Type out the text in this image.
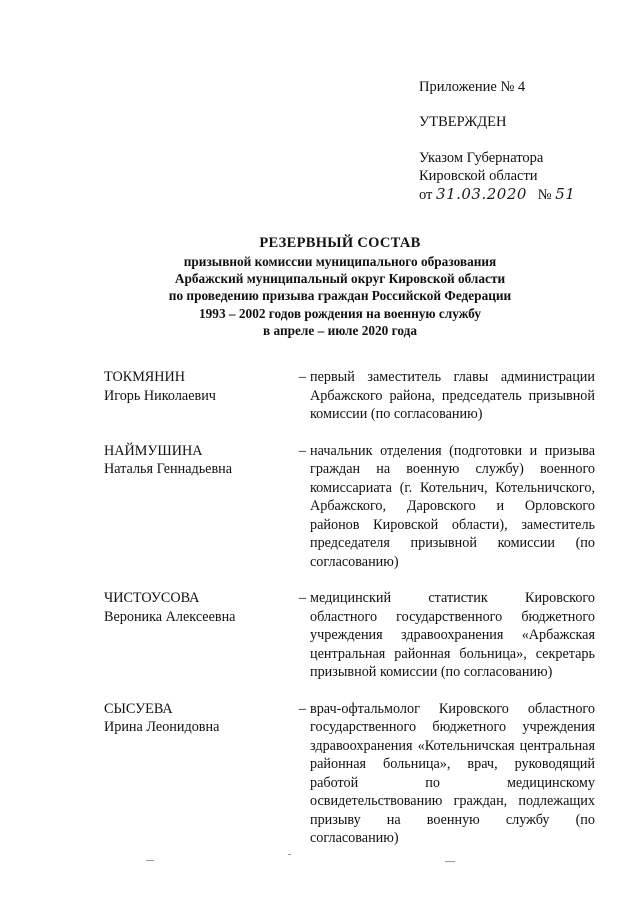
Приложение № 4
УТВЕРЖДЕН
Указом Губернатора
Кировской области
от 31.03.2020 № 51
РЕЗЕРВНЫЙ СОСТАВ
призывной комиссии муниципального образования
Арбажский муниципальный округ Кировской области
по проведению призыва граждан Российской Федерации
1993 – 2002 годов рождения на военную службу
в апреле – июле 2020 года
ТОКМЯНИН
Игорь Николаевич
– первый заместитель главы администрации Арбажского района, председатель призывной комиссии (по согласованию)
НАЙМУШИНА
Наталья Геннадьевна
– начальник отделения (подготовки и призыва граждан на военную службу) военного комиссариата (г. Котельнич, Котельничского, Арбажского, Даровского и Орловского районов Кировской области), заместитель председателя призывной комиссии (по согласованию)
ЧИСТОУСОВА
Вероника Алексеевна
– медицинский статистик Кировского областного государственного бюджетного учреждения здравоохранения «Арбажская центральная районная больница», секретарь призывной комиссии (по согласованию)
СЫСУЕВА
Ирина Леонидовна
– врач-офтальмолог Кировского областного государственного бюджетного учреждения здравоохранения «Котельничская центральная районная больница», врач, руководящий работой по медицинскому освидетельствованию граждан, подлежащих призыву на военную службу (по согласованию)
